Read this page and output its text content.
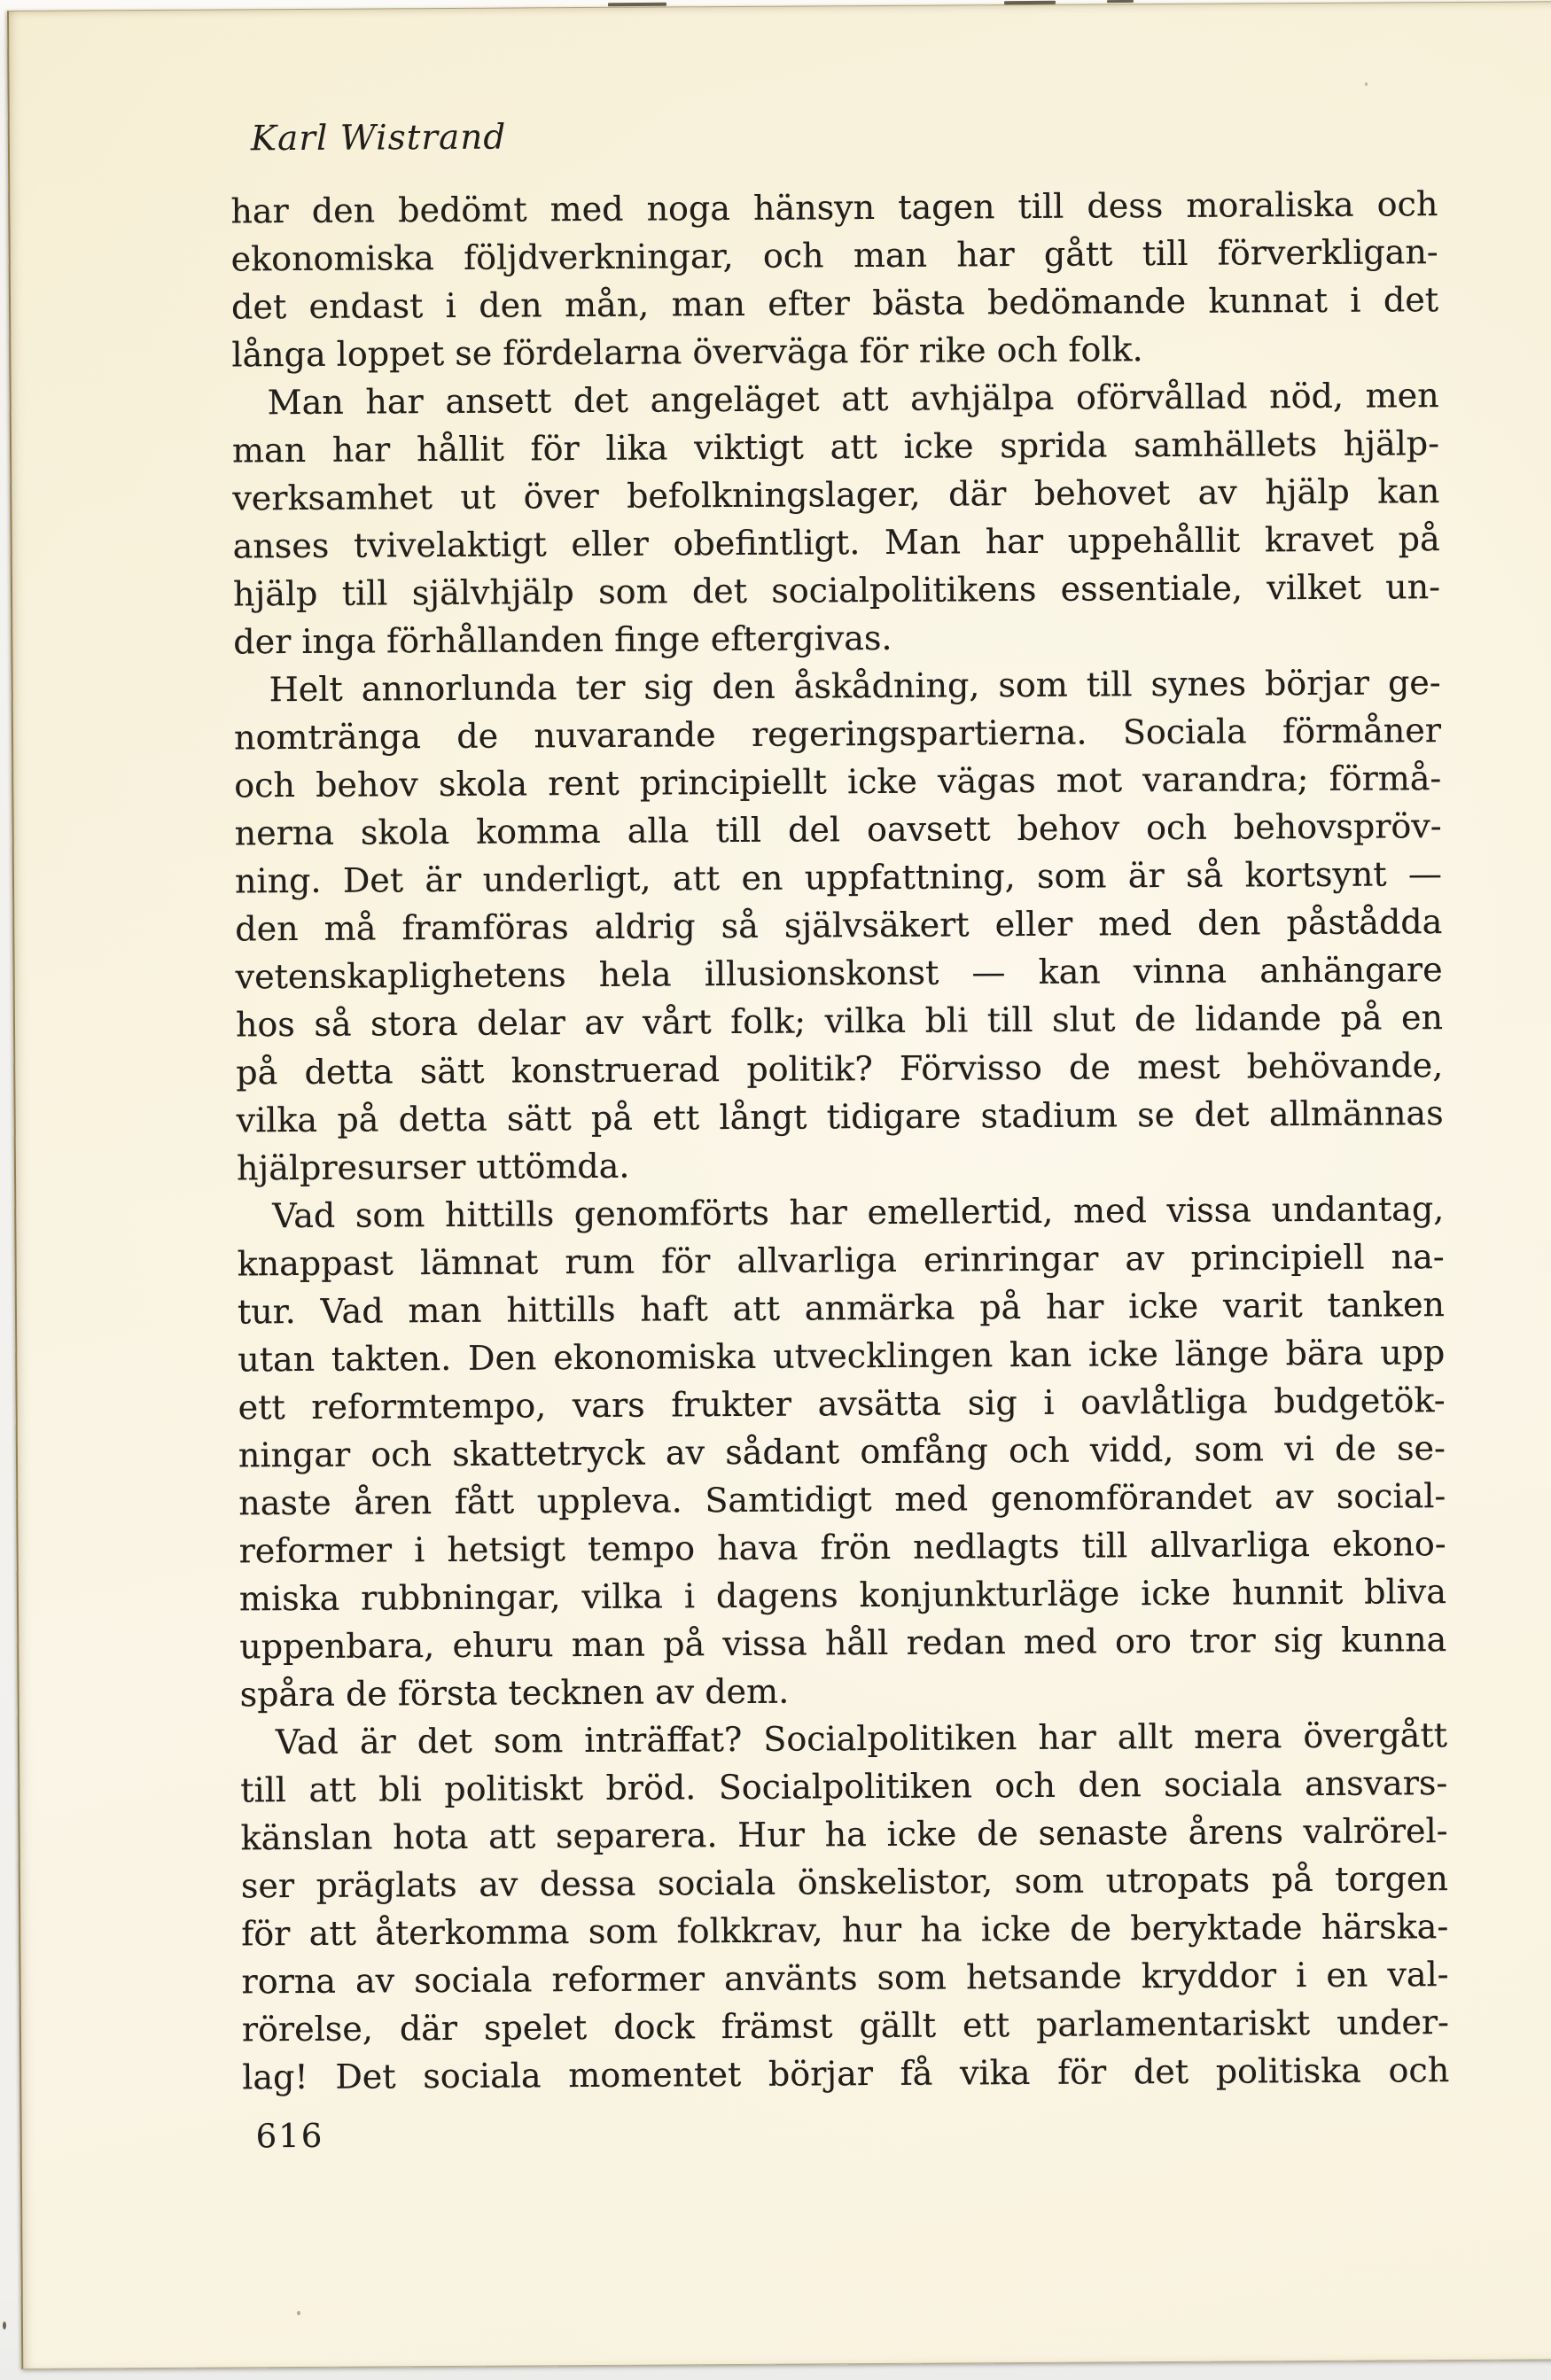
Karl Wistrand
har den bedömt med noga hänsyn tagen till dess moraliska och
ekonomiska följdverkningar, och man har gått till förverkligan-
det endast i den mån, man efter bästa bedömande kunnat i det
långa loppet se fördelarna överväga för rike och folk.
Man har ansett det angeläget att avhjälpa oförvållad nöd, men
man har hållit för lika viktigt att icke sprida samhällets hjälp-
verksamhet ut över befolkningslager, där behovet av hjälp kan
anses tvivelaktigt eller obefintligt. Man har uppehållit kravet på
hjälp till självhjälp som det socialpolitikens essentiale, vilket un-
der inga förhållanden finge eftergivas.
Helt annorlunda ter sig den åskådning, som till synes börjar ge-
nomtränga de nuvarande regeringspartierna. Sociala förmåner
och behov skola rent principiellt icke vägas mot varandra; förmå-
nerna skola komma alla till del oavsett behov och behovspröv-
ning. Det är underligt, att en uppfattning, som är så kortsynt —
den må framföras aldrig så självsäkert eller med den påstådda
vetenskaplighetens hela illusionskonst — kan vinna anhängare
hos så stora delar av vårt folk; vilka bli till slut de lidande på en
på detta sätt konstruerad politik? Förvisso de mest behövande,
vilka på detta sätt på ett långt tidigare stadium se det allmännas
hjälpresurser uttömda.
Vad som hittills genomförts har emellertid, med vissa undantag,
knappast lämnat rum för allvarliga erinringar av principiell na-
tur. Vad man hittills haft att anmärka på har icke varit tanken
utan takten. Den ekonomiska utvecklingen kan icke länge bära upp
ett reformtempo, vars frukter avsätta sig i oavlåtliga budgetök-
ningar och skattetryck av sådant omfång och vidd, som vi de se-
naste åren fått uppleva. Samtidigt med genomförandet av social-
reformer i hetsigt tempo hava frön nedlagts till allvarliga ekono-
miska rubbningar, vilka i dagens konjunkturläge icke hunnit bliva
uppenbara, ehuru man på vissa håll redan med oro tror sig kunna
spåra de första tecknen av dem.
Vad är det som inträffat? Socialpolitiken har allt mera övergått
till att bli politiskt bröd. Socialpolitiken och den sociala ansvars-
känslan hota att separera. Hur ha icke de senaste årens valrörel-
ser präglats av dessa sociala önskelistor, som utropats på torgen
för att återkomma som folkkrav, hur ha icke de beryktade härska-
rorna av sociala reformer använts som hetsande kryddor i en val-
rörelse, där spelet dock främst gällt ett parlamentariskt under-
lag! Det sociala momentet börjar få vika för det politiska och
616
